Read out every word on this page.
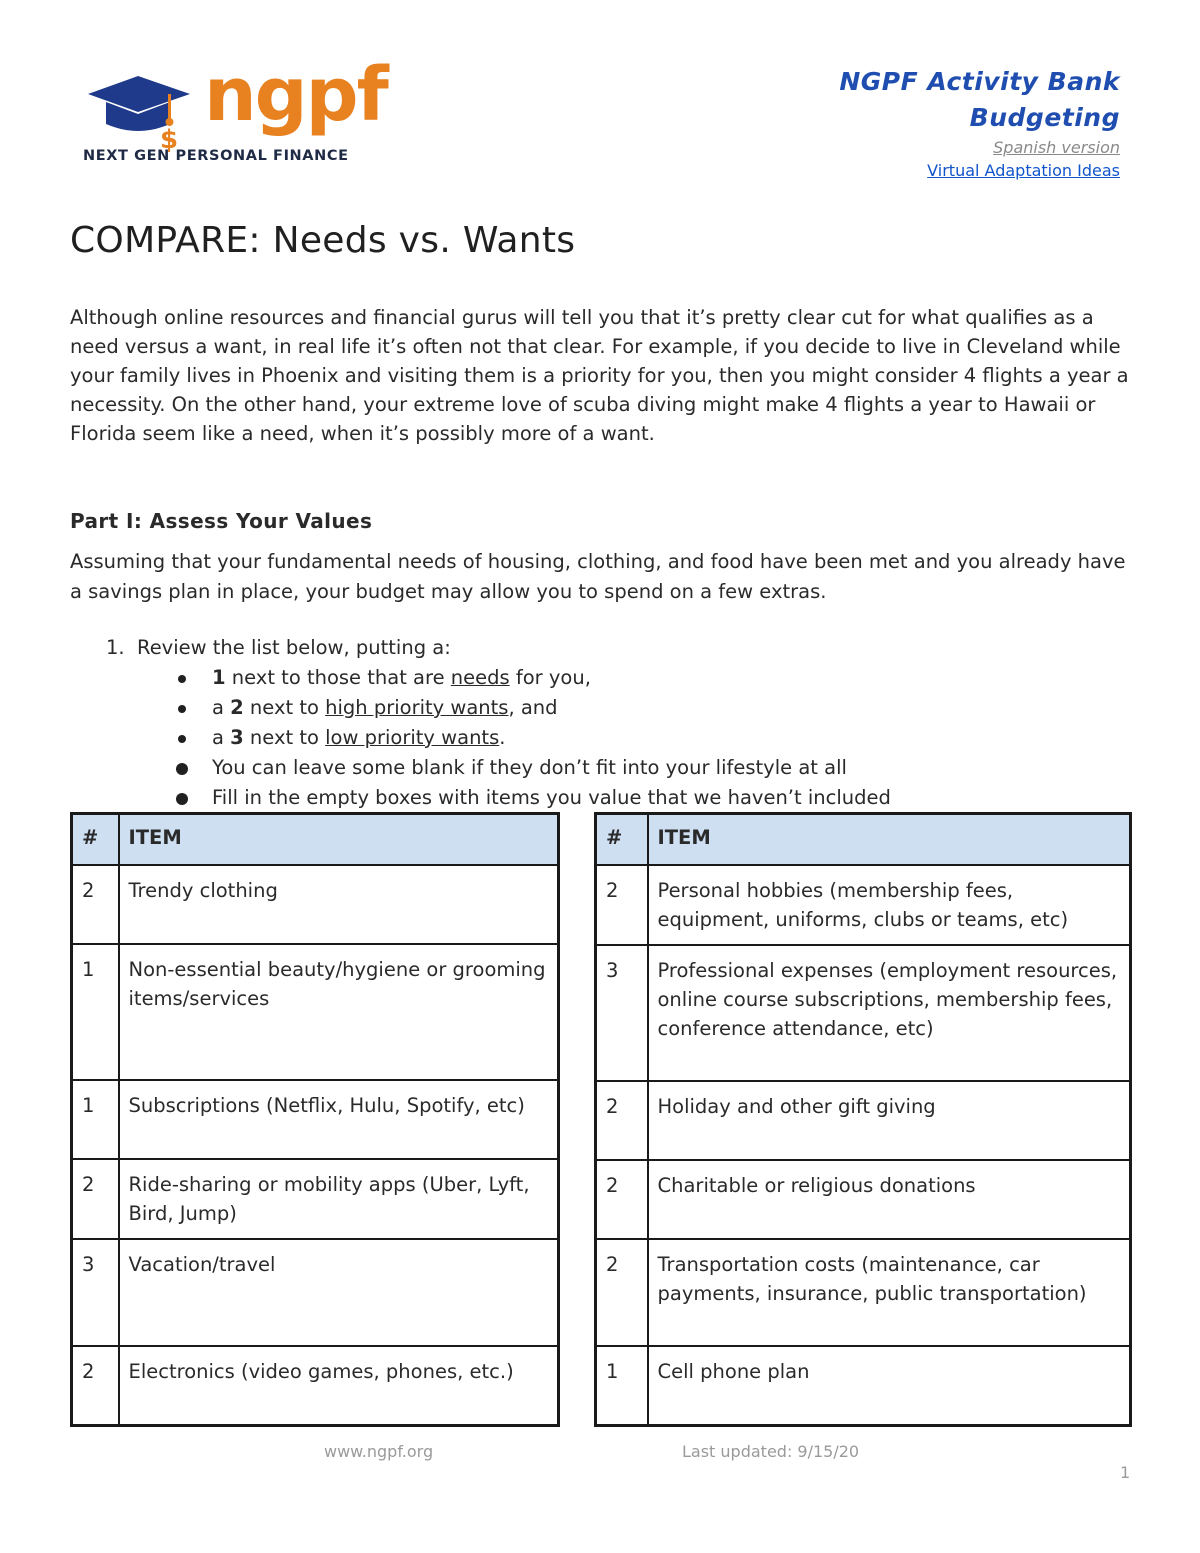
$
ngpf
NEXT GEN PERSONAL FINANCE
NGPF Activity Bank
Budgeting
Spanish version
Virtual Adaptation Ideas
COMPARE: Needs vs. Wants

Although online resources and financial gurus will tell you that it’s pretty clear cut for what qualifies as a need versus a want, in real life it’s often not that clear. For example, if you decide to live in Cleveland while your family lives in Phoenix and visiting them is a priority for you, then you might consider 4 flights a year a necessity. On the other hand, your extreme love of scuba diving might make 4 flights a year to Hawaii or Florida seem like a need, when it’s possibly more of a want.

Part I: Assess Your Values

Assuming that your fundamental needs of housing, clothing, and food have been met and you already have a savings plan in place, your budget may allow you to spend on a few extras.

1. Review the list below, putting a:
1 next to those that are needs for you,
a 2 next to high priority wants, and
a 3 next to low priority wants.
You can leave some blank if they don’t fit into your lifestyle at all
Fill in the empty boxes with items you value that we haven’t included
#	ITEM
2	Trendy clothing
1	Non-essential beauty/hygiene or grooming items/services
1	Subscriptions (Netflix, Hulu, Spotify, etc)
2	Ride-sharing or mobility apps (Uber, Lyft, Bird, Jump)
3	Vacation/travel
2	Electronics (video games, phones, etc.)
#	ITEM
2	Personal hobbies (membership fees, equipment, uniforms, clubs or teams, etc)
3	Professional expenses (employment resources, online course subscriptions, membership fees, conference attendance, etc)
2	Holiday and other gift giving
2	Charitable or religious donations
2	Transportation costs (maintenance, car payments, insurance, public transportation)
1	Cell phone plan
www.ngpf.org	Last updated: 9/15/20
1
